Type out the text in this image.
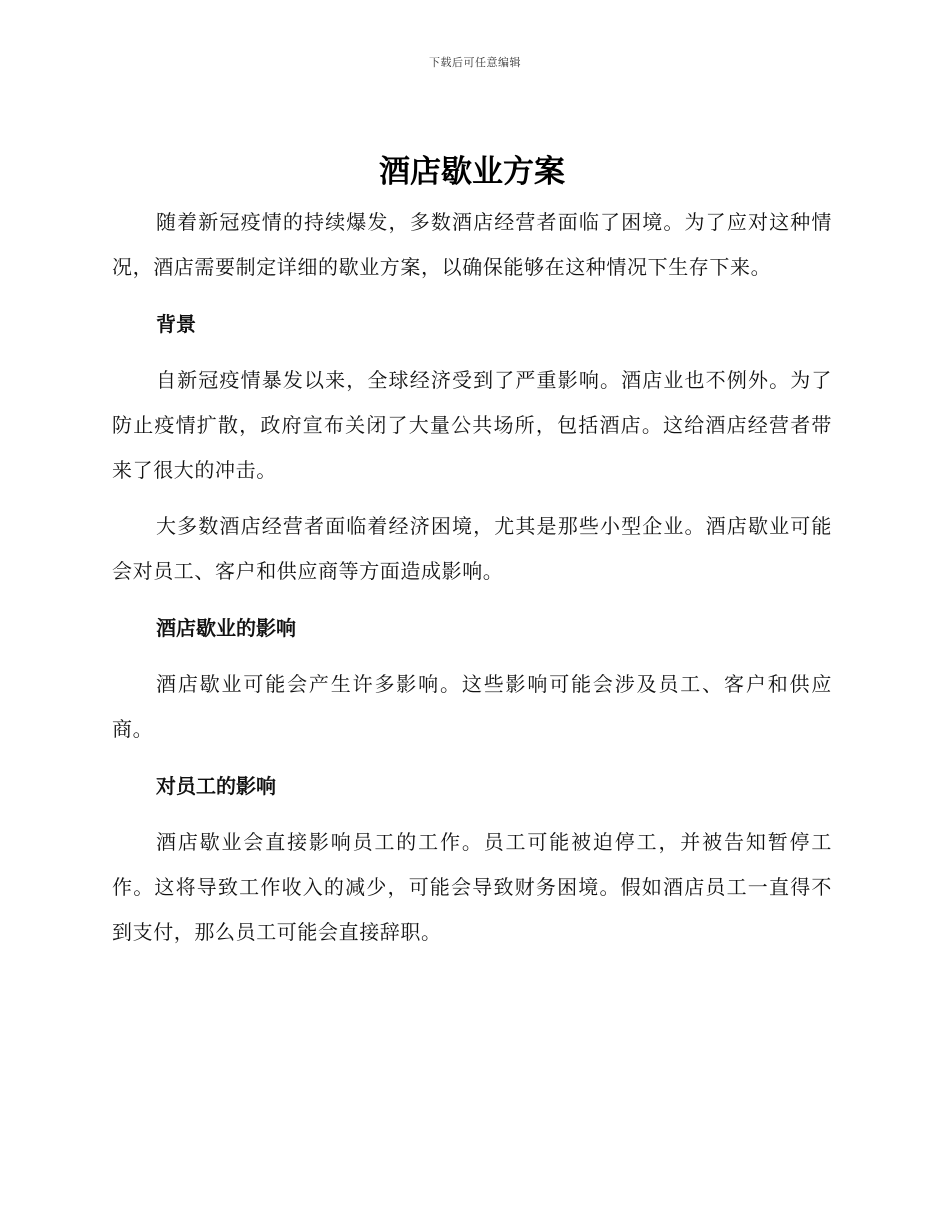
下载后可任意编辑
酒店歇业方案

随着新冠疫情的持续爆发，多数酒店经营者面临了困境。为了应对这种情况，酒店需要制定详细的歇业方案，以确保能够在这种情况下生存下来。

背景

自新冠疫情暴发以来，全球经济受到了严重影响。酒店业也不例外。为了防止疫情扩散，政府宣布关闭了大量公共场所，包括酒店。这给酒店经营者带来了很大的冲击。

大多数酒店经营者面临着经济困境，尤其是那些小型企业。酒店歇业可能会对员工、客户和供应商等方面造成影响。

酒店歇业的影响

酒店歇业可能会产生许多影响。这些影响可能会涉及员工、客户和供应商。

对员工的影响

酒店歇业会直接影响员工的工作。员工可能被迫停工，并被告知暂停工作。这将导致工作收入的减少，可能会导致财务困境。假如酒店员工一直得不到支付，那么员工可能会直接辞职。
